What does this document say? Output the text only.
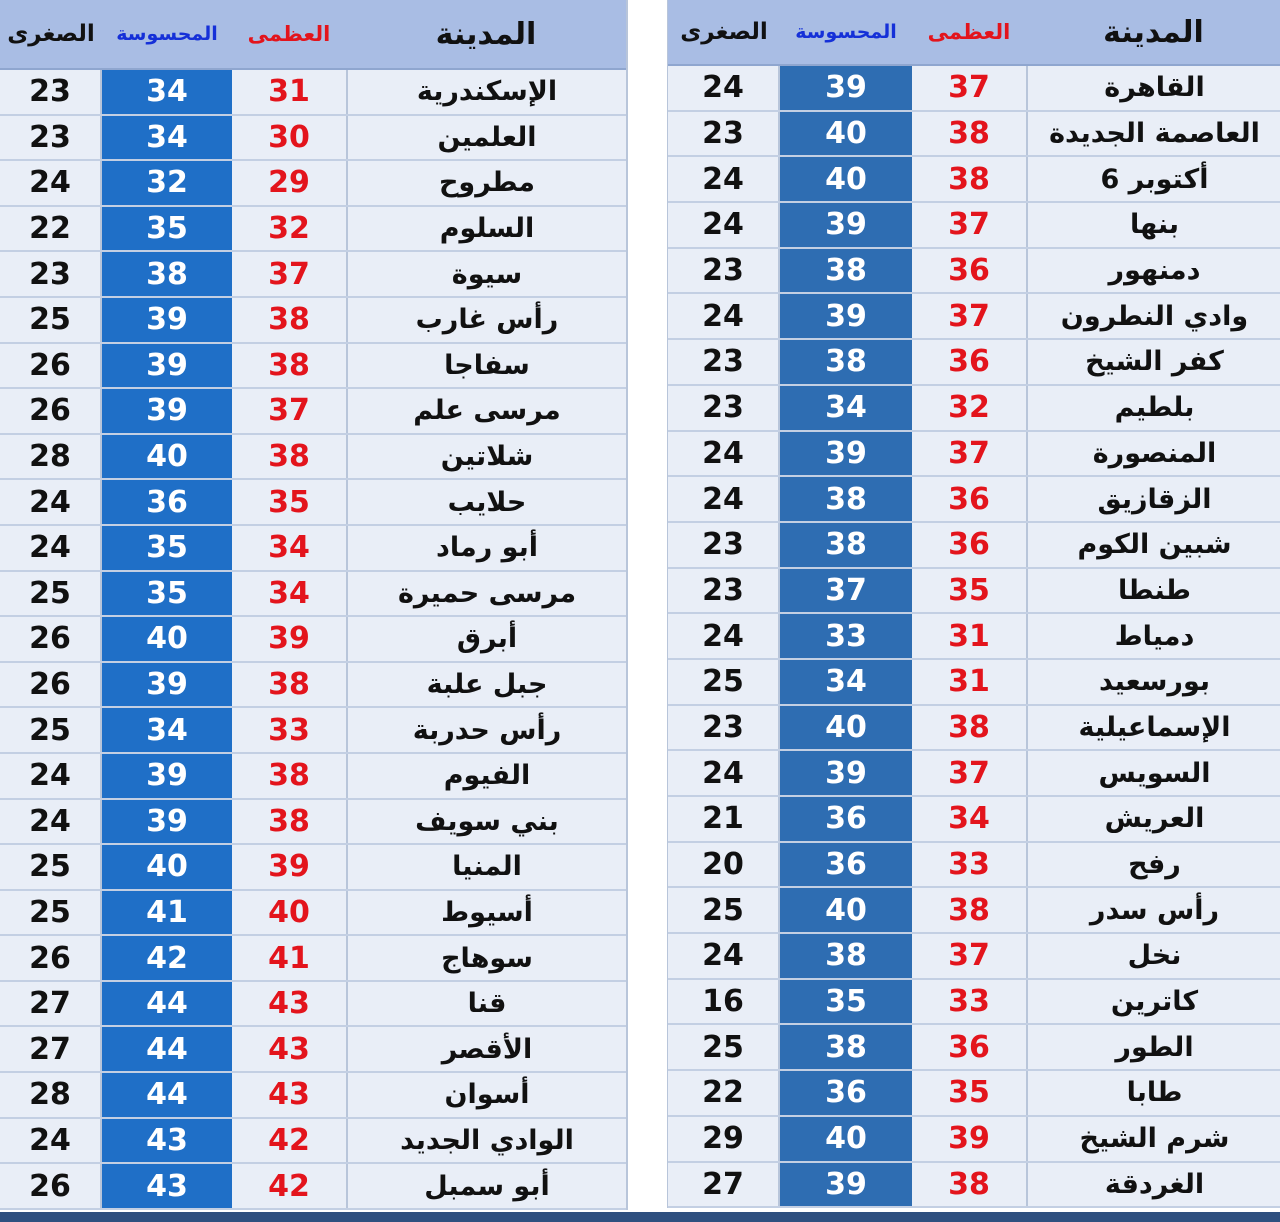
المدينة
العظمى
المحسوسة
الصغرى
الإسكندرية
31
34
23
العلمين
30
34
23
مطروح
29
32
24
السلوم
32
35
22
سيوة
37
38
23
رأس غارب
38
39
25
سفاجا
38
39
26
مرسى علم
37
39
26
شلاتين
38
40
28
حلايب
35
36
24
أبو رماد
34
35
24
مرسى حميرة
34
35
25
أبرق
39
40
26
جبل علبة
38
39
26
رأس حدربة
33
34
25
الفيوم
38
39
24
بني سويف
38
39
24
المنيا
39
40
25
أسيوط
40
41
25
سوهاج
41
42
26
قنا
43
44
27
الأقصر
43
44
27
أسوان
43
44
28
الوادي الجديد
42
43
24
أبو سمبل
42
43
26
المدينة
العظمى
المحسوسة
الصغرى
القاهرة
37
39
24
العاصمة الجديدة
38
40
23
6 أكتوبر
38
40
24
بنها
37
39
24
دمنهور
36
38
23
وادي النطرون
37
39
24
كفر الشيخ
36
38
23
بلطيم
32
34
23
المنصورة
37
39
24
الزقازيق
36
38
24
شبين الكوم
36
38
23
طنطا
35
37
23
دمياط
31
33
24
بورسعيد
31
34
25
الإسماعيلية
38
40
23
السويس
37
39
24
العريش
34
36
21
رفح
33
36
20
رأس سدر
38
40
25
نخل
37
38
24
كاترين
33
35
16
الطور
36
38
25
طابا
35
36
22
شرم الشيخ
39
40
29
الغردقة
38
39
27
